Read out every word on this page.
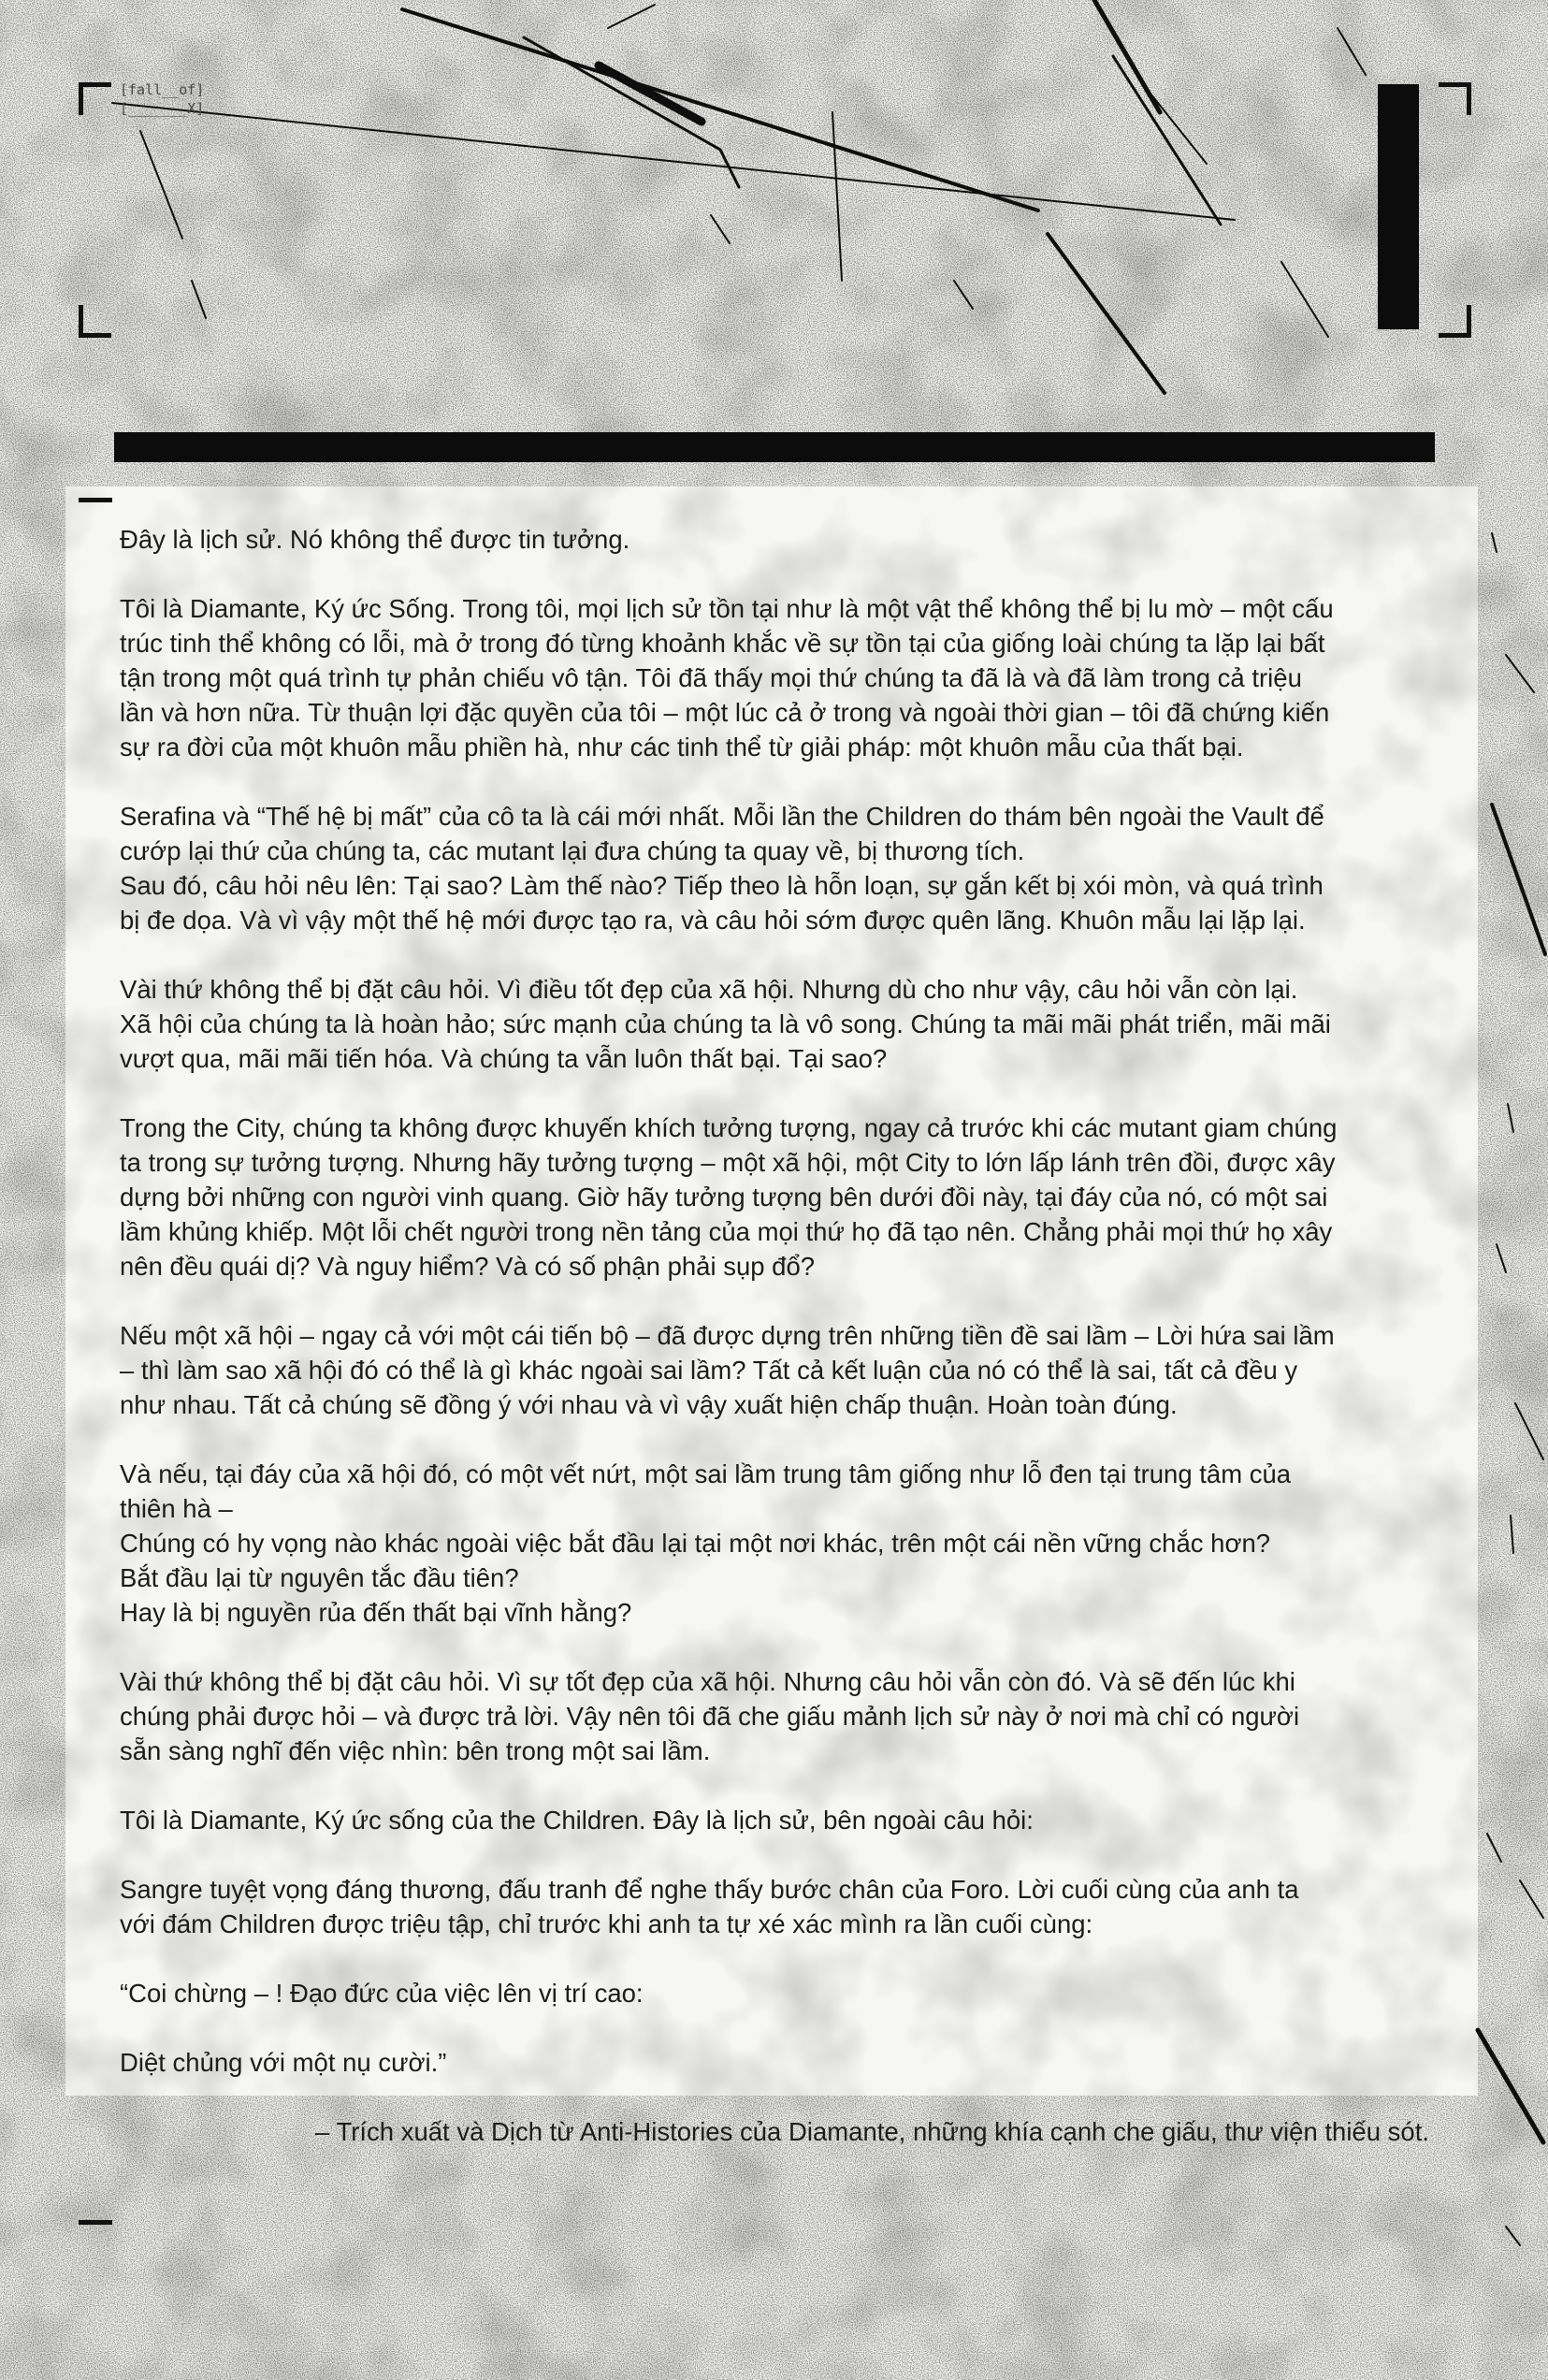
[fall__of]
[_______X]

Đây là lịch sử. Nó không thể được tin tưởng.

Tôi là Diamante, Ký ức Sống. Trong tôi, mọi lịch sử tồn tại như là một vật thể không thể bị lu mờ – một cấu
trúc tinh thể không có lỗi, mà ở trong đó từng khoảnh khắc về sự tồn tại của giống loài chúng ta lặp lại bất
tận trong một quá trình tự phản chiếu vô tận. Tôi đã thấy mọi thứ chúng ta đã là và đã làm trong cả triệu
lần và hơn nữa. Từ thuận lợi đặc quyền của tôi – một lúc cả ở trong và ngoài thời gian – tôi đã chứng kiến
sự ra đời của một khuôn mẫu phiền hà, như các tinh thể từ giải pháp: một khuôn mẫu của thất bại.

Serafina và “Thế hệ bị mất” của cô ta là cái mới nhất. Mỗi lần the Children do thám bên ngoài the Vault để
cướp lại thứ của chúng ta, các mutant lại đưa chúng ta quay về, bị thương tích.
Sau đó, câu hỏi nêu lên: Tại sao? Làm thế nào? Tiếp theo là hỗn loạn, sự gắn kết bị xói mòn, và quá trình
bị đe dọa. Và vì vậy một thế hệ mới được tạo ra, và câu hỏi sớm được quên lãng. Khuôn mẫu lại lặp lại.

Vài thứ không thể bị đặt câu hỏi. Vì điều tốt đẹp của xã hội. Nhưng dù cho như vậy, câu hỏi vẫn còn lại.
Xã hội của chúng ta là hoàn hảo; sức mạnh của chúng ta là vô song. Chúng ta mãi mãi phát triển, mãi mãi
vượt qua, mãi mãi tiến hóa. Và chúng ta vẫn luôn thất bại. Tại sao?

Trong the City, chúng ta không được khuyến khích tưởng tượng, ngay cả trước khi các mutant giam chúng
ta trong sự tưởng tượng. Nhưng hãy tưởng tượng – một xã hội, một City to lớn lấp lánh trên đồi, được xây
dựng bởi những con người vinh quang. Giờ hãy tưởng tượng bên dưới đồi này, tại đáy của nó, có một sai
lầm khủng khiếp. Một lỗi chết người trong nền tảng của mọi thứ họ đã tạo nên. Chẳng phải mọi thứ họ xây
nên đều quái dị? Và nguy hiểm? Và có số phận phải sụp đổ?

Nếu một xã hội – ngay cả với một cái tiến bộ – đã được dựng trên những tiền đề sai lầm – Lời hứa sai lầm
– thì làm sao xã hội đó có thể là gì khác ngoài sai lầm? Tất cả kết luận của nó có thể là sai, tất cả đều y
như nhau. Tất cả chúng sẽ đồng ý với nhau và vì vậy xuất hiện chấp thuận. Hoàn toàn đúng.

Và nếu, tại đáy của xã hội đó, có một vết nứt, một sai lầm trung tâm giống như lỗ đen tại trung tâm của
thiên hà –
Chúng có hy vọng nào khác ngoài việc bắt đầu lại tại một nơi khác, trên một cái nền vững chắc hơn?
Bắt đầu lại từ nguyên tắc đầu tiên?
Hay là bị nguyền rủa đến thất bại vĩnh hằng?

Vài thứ không thể bị đặt câu hỏi. Vì sự tốt đẹp của xã hội. Nhưng câu hỏi vẫn còn đó. Và sẽ đến lúc khi
chúng phải được hỏi – và được trả lời. Vậy nên tôi đã che giấu mảnh lịch sử này ở nơi mà chỉ có người
sẵn sàng nghĩ đến việc nhìn: bên trong một sai lầm.

Tôi là Diamante, Ký ức sống của the Children. Đây là lịch sử, bên ngoài câu hỏi:

Sangre tuyệt vọng đáng thương, đấu tranh để nghe thấy bước chân của Foro. Lời cuối cùng của anh ta
với đám Children được triệu tập, chỉ trước khi anh ta tự xé xác mình ra lần cuối cùng:

“Coi chừng – ! Đạo đức của việc lên vị trí cao:

Diệt chủng với một nụ cười.”

– Trích xuất và Dịch từ Anti-Histories của Diamante, những khía cạnh che giấu, thư viện thiếu sót.
